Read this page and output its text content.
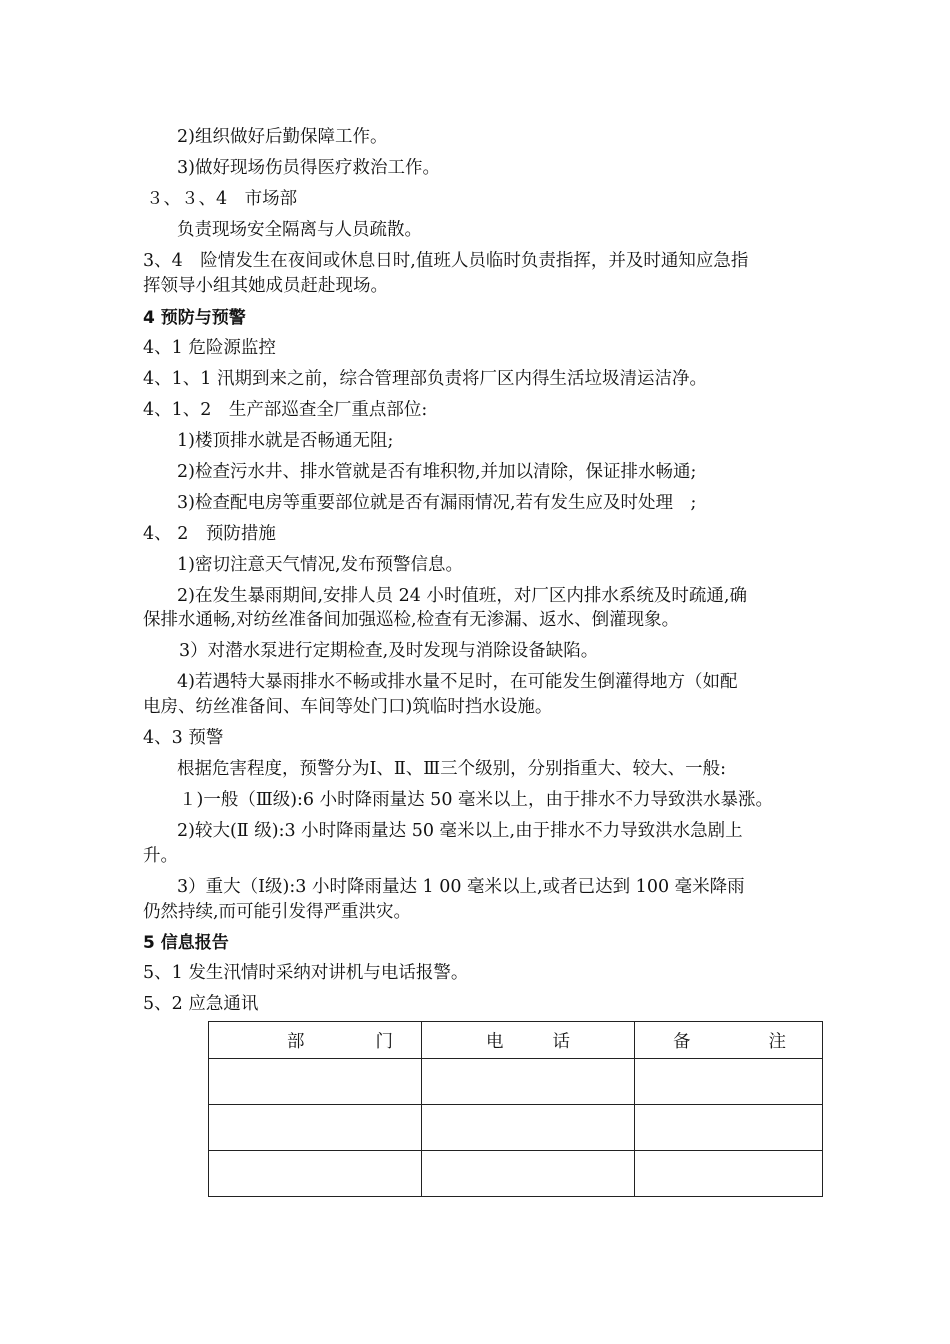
2)组织做好后勤保障工作。
3)做好现场伤员得医疗救治工作。
３、３、4　市场部
负责现场安全隔离与人员疏散。
3、4　险情发生在夜间或休息日时,值班人员临时负责指挥，并及时通知应急指
挥领导小组其她成员赶赴现场。
4 预防与预警
4、1 危险源监控
4、1、1 汛期到来之前，综合管理部负责将厂区内得生活垃圾清运洁净。
4、1、2　生产部巡查全厂重点部位:
1)楼顶排水就是否畅通无阻;
2)检查污水井、排水管就是否有堆积物,并加以清除，保证排水畅通;
3)检查配电房等重要部位就是否有漏雨情况,若有发生应及时处理　;
4、 2　预防措施
1)密切注意天气情况,发布预警信息。
2)在发生暴雨期间,安排人员 24 小时值班，对厂区内排水系统及时疏通,确
保排水通畅,对纺丝准备间加强巡检,检查有无渗漏、返水、倒灌现象。
3）对潜水泵进行定期检查,及时发现与消除设备缺陷。
4)若遇特大暴雨排水不畅或排水量不足时，在可能发生倒灌得地方（如配
电房、纺丝准备间、车间等处门口)筑临时挡水设施。
4、3 预警
根据危害程度，预警分为Ⅰ、Ⅱ、Ⅲ三个级别，分别指重大、较大、一般:
１)一般（Ⅲ级):6 小时降雨量达 50 毫米以上，由于排水不力导致洪水暴涨。
2)较大(Ⅱ 级):3 小时降雨量达 50 毫米以上,由于排水不力导致洪水急剧上
升。
3）重大（Ⅰ级):3 小时降雨量达 1 00 毫米以上,或者已达到 100 毫米降雨
仍然持续,而可能引发得严重洪灾。
5 信息报告
5、1 发生汛情时采纳对讲机与电话报警。
5、2 应急通讯
部 门	电 话	备 注
